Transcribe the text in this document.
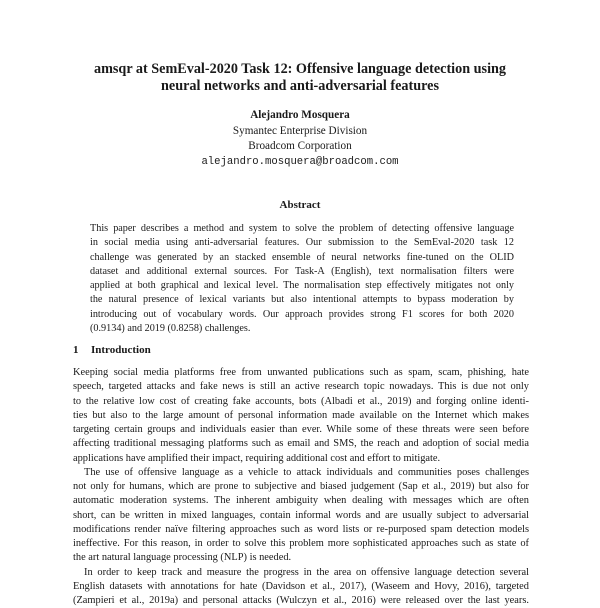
amsqr at SemEval-2020 Task 12: Offensive language detection using
neural networks and anti-adversarial features
Alejandro Mosquera
Symantec Enterprise Division
Broadcom Corporation
alejandro.mosquera@broadcom.com
Abstract
This paper describes a method and system to solve the problem of detecting offensive language
in social media using anti-adversarial features. Our submission to the SemEval-2020 task 12
challenge was generated by an stacked ensemble of neural networks fine-tuned on the OLID
dataset and additional external sources. For Task-A (English), text normalisation filters were
applied at both graphical and lexical level. The normalisation step effectively mitigates not only
the natural presence of lexical variants but also intentional attempts to bypass moderation by
introducing out of vocabulary words. Our approach provides strong F1 scores for both 2020
(0.9134) and 2019 (0.8258) challenges.
1 Introduction
Keeping social media platforms free from unwanted publications such as spam, scam, phishing, hate
speech, targeted attacks and fake news is still an active research topic nowadays. This is due not only
to the relative low cost of creating fake accounts, bots (Albadi et al., 2019) and forging online identi-
ties but also to the large amount of personal information made available on the Internet which makes
targeting certain groups and individuals easier than ever. While some of these threats were seen before
affecting traditional messaging platforms such as email and SMS, the reach and adoption of social media
applications have amplified their impact, requiring additional cost and effort to mitigate.
The use of offensive language as a vehicle to attack individuals and communities poses challenges
not only for humans, which are prone to subjective and biased judgement (Sap et al., 2019) but also for
automatic moderation systems. The inherent ambiguity when dealing with messages which are often
short, can be written in mixed languages, contain informal words and are usually subject to adversarial
modifications render naïve filtering approaches such as word lists or re-purposed spam detection models
ineffective. For this reason, in order to solve this problem more sophisticated approaches such as state of
the art natural language processing (NLP) is needed.
In order to keep track and measure the progress in the area on offensive language detection several
English datasets with annotations for hate (Davidson et al., 2017), (Waseem and Hovy, 2016), targeted
(Zampieri et al., 2019a) and personal attacks (Wulczyn et al., 2016) were released over the last years.
